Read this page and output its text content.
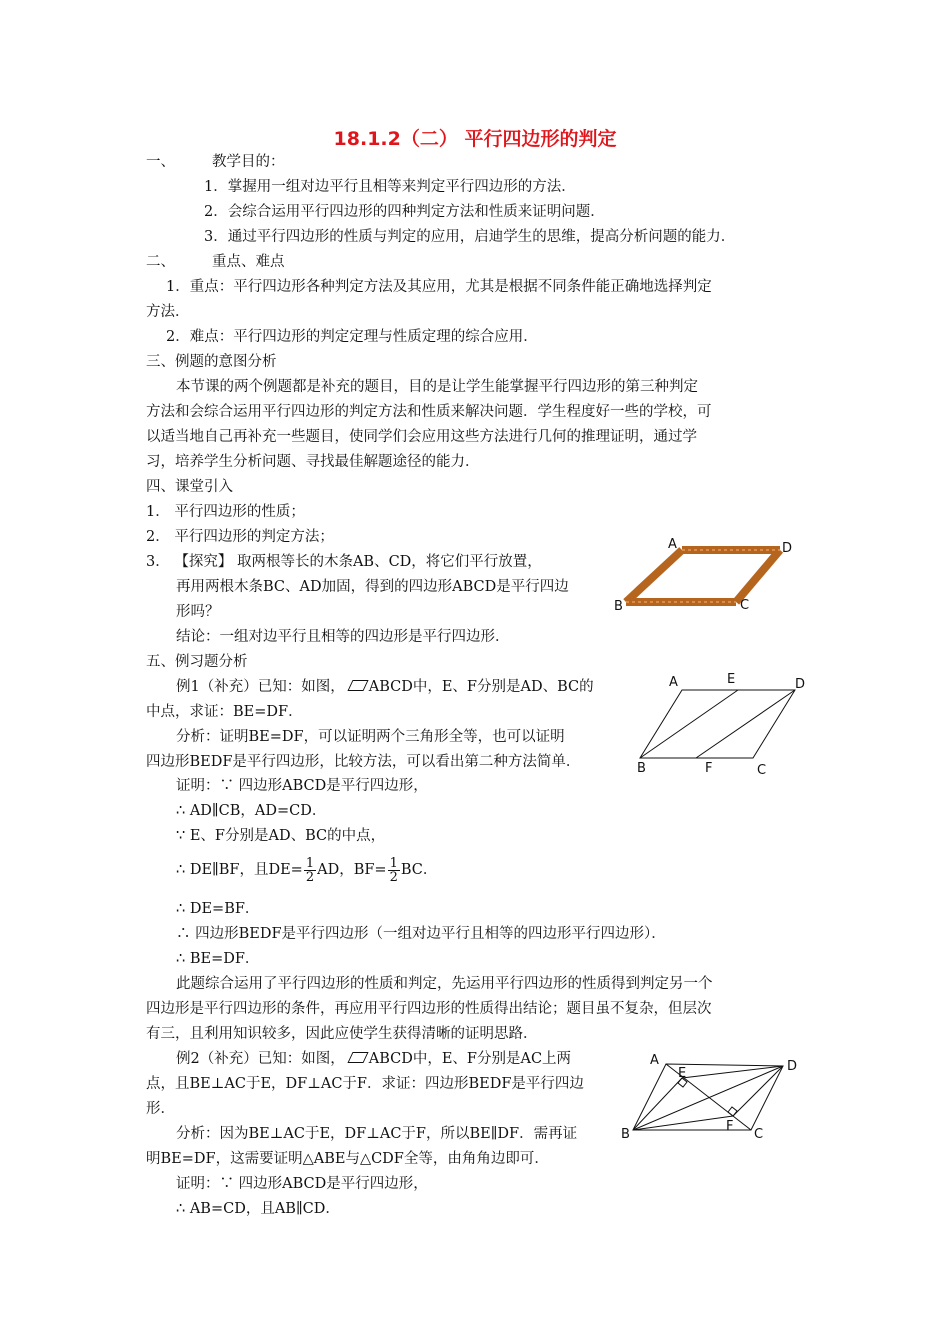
18.1.2（二） 平行四边形的判定
一、	教学目的：
1．掌握用一组对边平行且相等来判定平行四边形的方法．
2．会综合运用平行四边形的四种判定方法和性质来证明问题．
3．通过平行四边形的性质与判定的应用，启迪学生的思维，提高分析问题的能力．
二、	重点、难点
1．重点：平行四边形各种判定方法及其应用，尤其是根据不同条件能正确地选择判定
方法．
2．难点：平行四边形的判定定理与性质定理的综合应用．
三、例题的意图分析
本节课的两个例题都是补充的题目，目的是让学生能掌握平行四边形的第三种判定
方法和会综合运用平行四边形的判定方法和性质来解决问题．学生程度好一些的学校，可
以适当地自己再补充一些题目，使同学们会应用这些方法进行几何的推理证明，通过学
习，培养学生分析问题、寻找最佳解题途径的能力．
四、课堂引入
1． 平行四边形的性质；
2． 平行四边形的判定方法；
3． 【探究】 取两根等长的木条AB、CD，将它们平行放置，
再用两根木条BC、AD加固，得到的四边形ABCD是平行四边
形吗？
结论：一组对边平行且相等的四边形是平行四边形．
A	D
B	C
五、例习题分析
例1（补充）已知：如图， ABCD中，E、F分别是AD、BC的
中点，求证：BE=DF．
分析：证明BE=DF，可以证明两个三角形全等，也可以证明
四边形BEDF是平行四边形，比较方法，可以看出第二种方法简单．
A	E	D
B	F	C
证明：∵ 四边形ABCD是平行四边形，
∴ AD∥CB，AD=CD．
∵ E、F分别是AD、BC的中点，
∴ DE∥BF，且$DE= \frac{1}{2}$ AD，$BF= \frac{1}{2}$ BC．
∴ DE=BF．
∴ 四边形BEDF是平行四边形（一组对边平行且相等的四边形平行四边形）．
∴ BE=DF．
此题综合运用了平行四边形的性质和判定，先运用平行四边形的性质得到判定另一个
四边形是平行四边形的条件，再应用平行四边形的性质得出结论；题目虽不复杂，但层次
有三，且利用知识较多，因此应使学生获得清晰的证明思路．
例2（补充）已知：如图， ABCD中，E、F分别是AC上两
点，且BE⊥AC于E，DF⊥AC于F．求证：四边形BEDF是平行四边
形．
分析：因为BE⊥AC于E，DF⊥AC于F，所以BE∥DF．需再证
明BE=DF，这需要证明△ABE与△CDF全等，由角角边即可．
证明：∵ 四边形ABCD是平行四边形，
∴ AB=CD，且AB∥CD．
A
E	D
B
F
C
